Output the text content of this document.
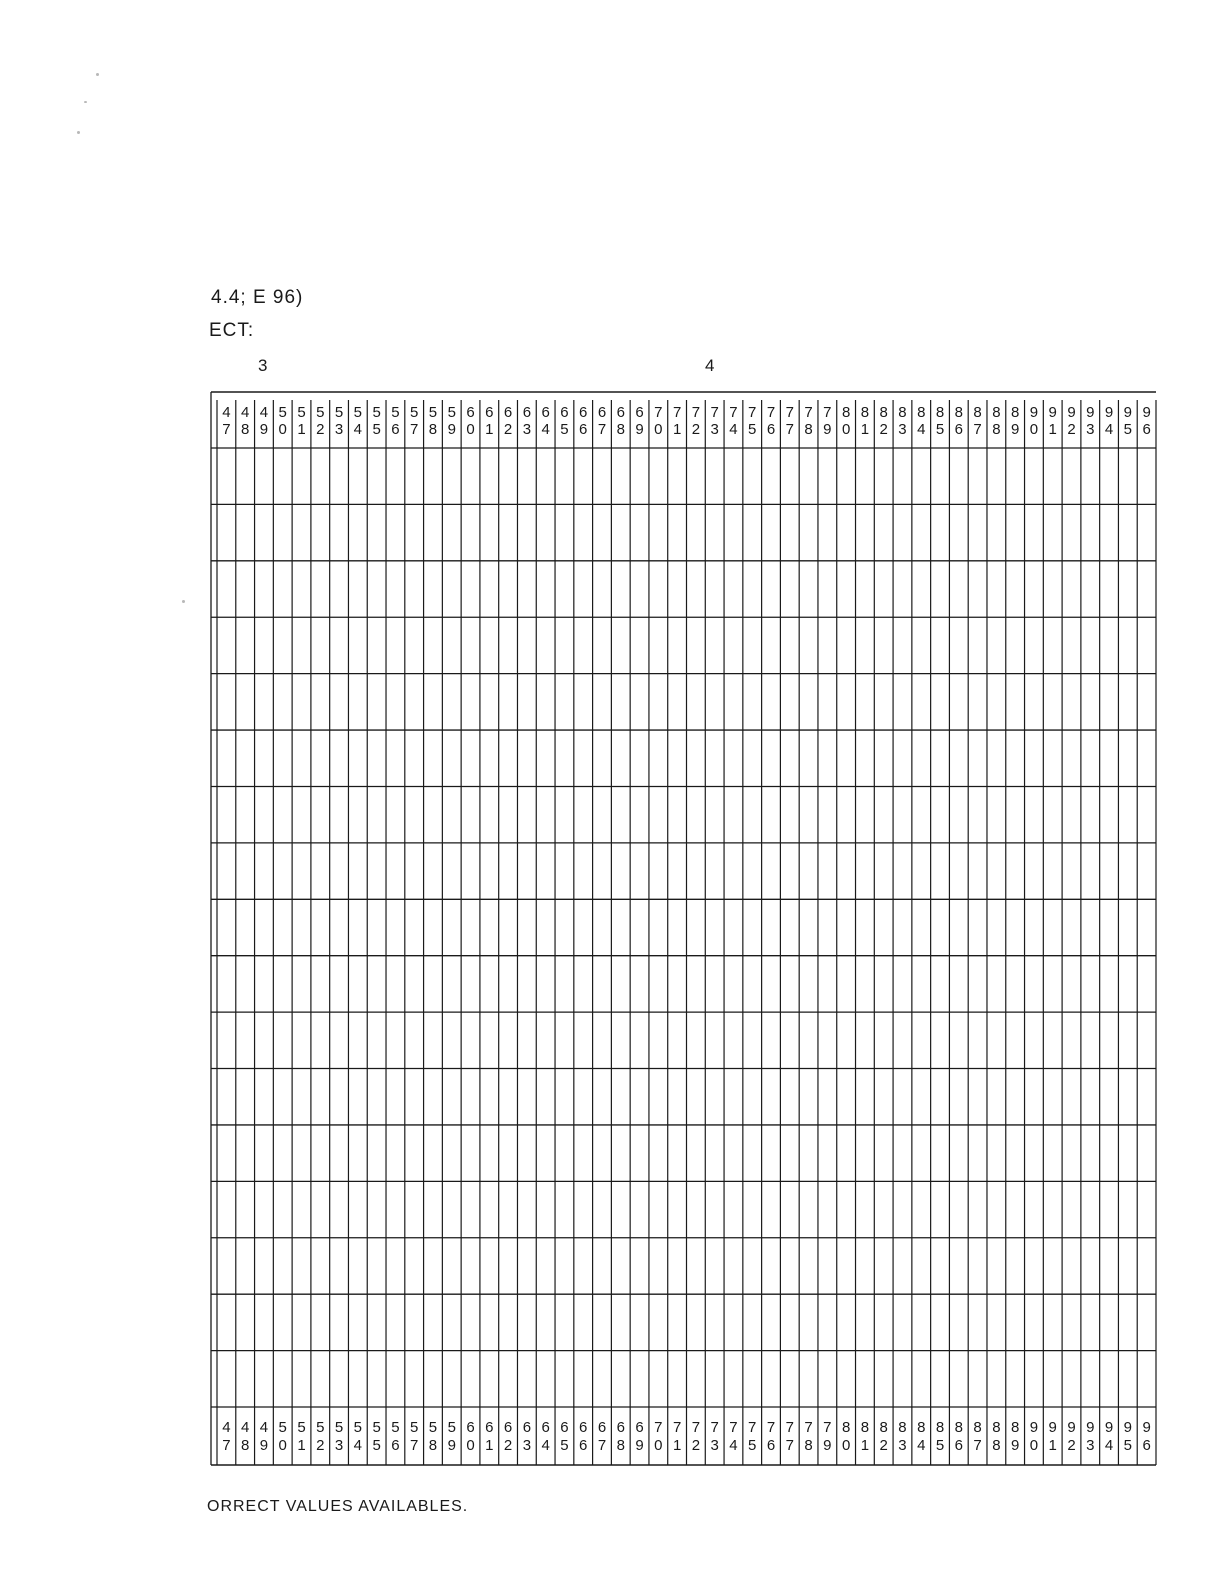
4.4; E 96)
ECT:
3	4
4
7
4
7
4
8
4
8
4
9
4
9
5
0
5
0
5
1
5
1
5
2
5
2
5
3
5
3
5
4
5
4
5
5
5
5
5
6
5
6
5
7
5
7
5
8
5
8
5
9
5
9
6
0
6
0
6
1
6
1
6
2
6
2
6
3
6
3
6
4
6
4
6
5
6
5
6
6
6
6
6
7
6
7
6
8
6
8
6
9
6
9
7
0
7
0
7
1
7
1
7
2
7
2
7
3
7
3
7
4
7
4
7
5
7
5
7
6
7
6
7
7
7
7
7
8
7
8
7
9
7
9
8
0
8
0
8
1
8
1
8
2
8
2
8
3
8
3
8
4
8
4
8
5
8
5
8
6
8
6
8
7
8
7
8
8
8
8
8
9
8
9
9
0
9
0
9
1
9
1
9
2
9
2
9
3
9
3
9
4
9
4
9
5
9
5
9
6
9
6
ORRECT VALUES AVAILABLES.
